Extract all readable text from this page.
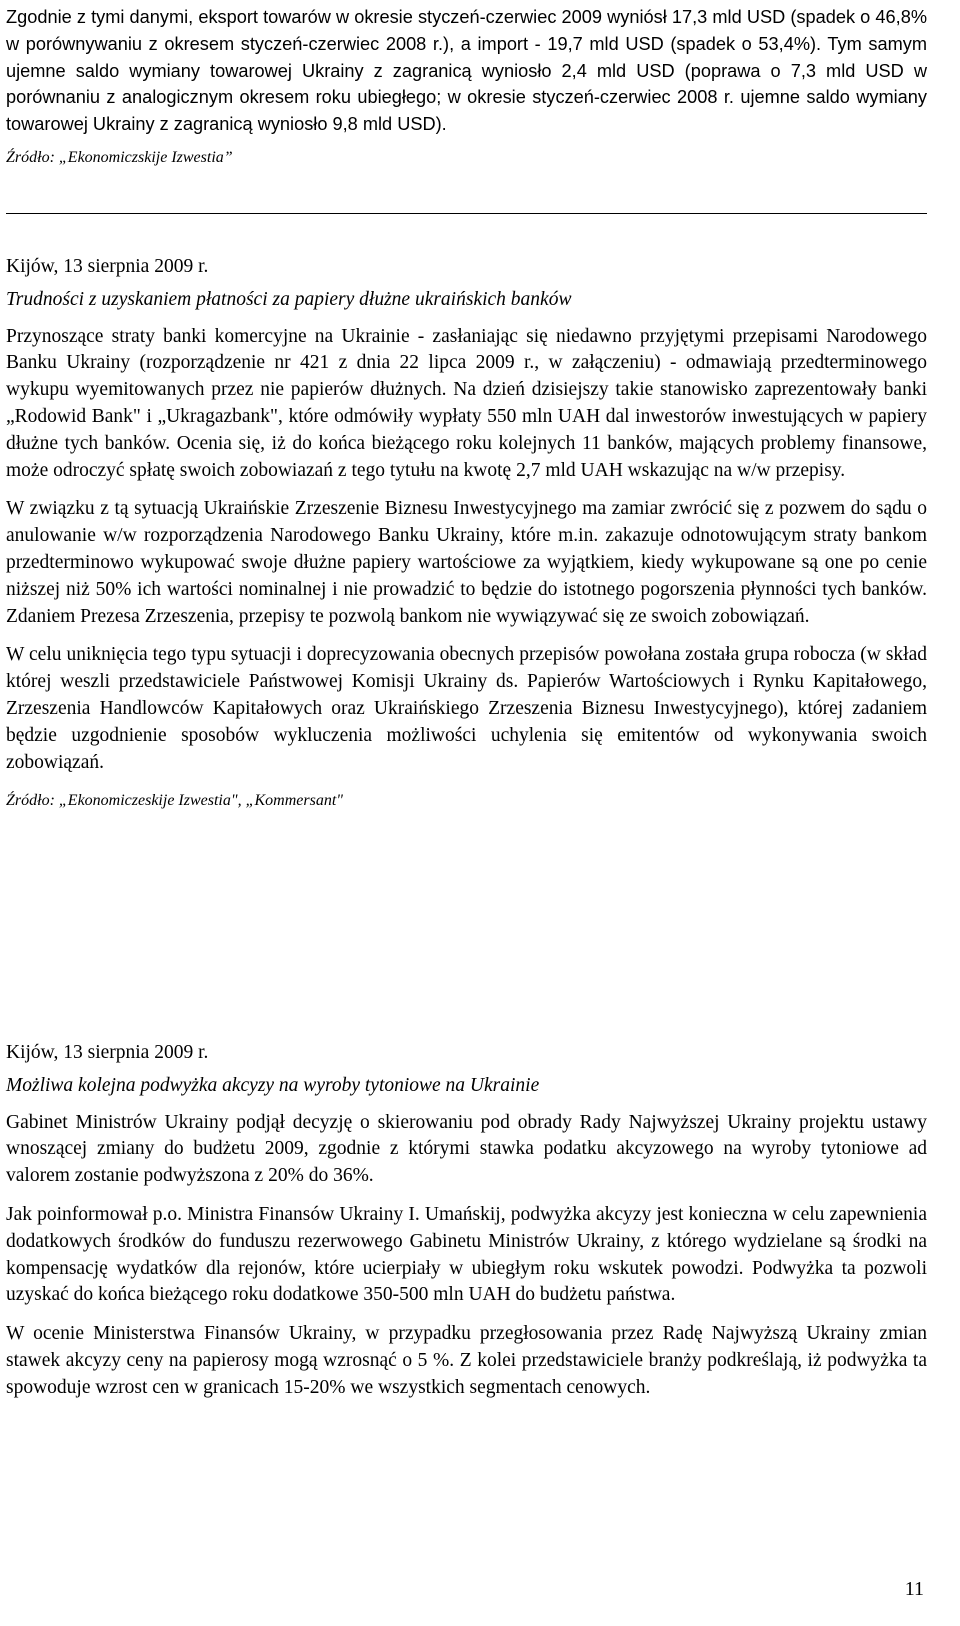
Zgodnie z tymi danymi, eksport towarów w okresie styczeń-czerwiec 2009 wyniósł 17,3 mld USD (spadek o 46,8% w porównywaniu z okresem styczeń-czerwiec 2008 r.), a import - 19,7 mld USD (spadek o 53,4%). Tym samym ujemne saldo wymiany towarowej Ukrainy z zagranicą wyniosło 2,4 mld USD (poprawa o 7,3 mld USD w porównaniu z analogicznym okresem roku ubiegłego; w okresie styczeń-czerwiec 2008 r. ujemne saldo wymiany towarowej Ukrainy z zagranicą wyniosło 9,8 mld USD).

Źródło: „Ekonomiczskije Izwestia”
Kijów, 13 sierpnia 2009 r.
Trudności z uzyskaniem płatności za papiery dłużne ukraińskich banków

Przynoszące straty banki komercyjne na Ukrainie - zasłaniając się niedawno przyjętymi przepisami Narodowego Banku Ukrainy (rozporządzenie nr 421 z dnia 22 lipca 2009 r., w załączeniu) - odmawiają przedterminowego wykupu wyemitowanych przez nie papierów dłużnych. Na dzień dzisiejszy takie stanowisko zaprezentowały banki „Rodowid Bank" i „Ukragazbank", które odmówiły wypłaty 550 mln UAH dal inwestorów inwestujących w papiery dłużne tych banków. Ocenia się, iż do końca bieżącego roku kolejnych 11 banków, mających problemy finansowe, może odroczyć spłatę swoich zobowiazań z tego tytułu na kwotę 2,7 mld UAH wskazując na w/w przepisy.

W związku z tą sytuacją Ukraińskie Zrzeszenie Biznesu Inwestycyjnego ma zamiar zwrócić się z pozwem do sądu o anulowanie w/w rozporządzenia Narodowego Banku Ukrainy, które m.in. zakazuje odnotowującym straty bankom przedterminowo wykupować swoje dłużne papiery wartościowe za wyjątkiem, kiedy wykupowane są one po cenie niższej niż 50% ich wartości nominalnej i nie prowadzić to będzie do istotnego pogorszenia płynności tych banków. Zdaniem Prezesa Zrzeszenia, przepisy te pozwolą bankom nie wywiązywać się ze swoich zobowiązań.

W celu uniknięcia tego typu sytuacji i doprecyzowania obecnych przepisów powołana została grupa robocza (w skład której weszli przedstawiciele Państwowej Komisji Ukrainy ds. Papierów Wartościowych i Rynku Kapitałowego, Zrzeszenia Handlowców Kapitałowych oraz Ukraińskiego Zrzeszenia Biznesu Inwestycyjnego), której zadaniem będzie uzgodnienie sposobów wykluczenia możliwości uchylenia się emitentów od wykonywania swoich zobowiązań.

Źródło: „Ekonomiczeskije Izwestia", „Kommersant"
Kijów, 13 sierpnia 2009 r.
Możliwa kolejna podwyżka akcyzy na wyroby tytoniowe na Ukrainie

Gabinet Ministrów Ukrainy podjął decyzję o skierowaniu pod obrady Rady Najwyższej Ukrainy projektu ustawy wnoszącej zmiany do budżetu 2009, zgodnie z którymi stawka podatku akcyzowego na wyroby tytoniowe ad valorem zostanie podwyższona z 20% do 36%.

Jak poinformował p.o. Ministra Finansów Ukrainy I. Umańskij, podwyżka akcyzy jest konieczna w celu zapewnienia dodatkowych środków do funduszu rezerwowego Gabinetu Ministrów Ukrainy, z którego wydzielane są środki na kompensację wydatków dla rejonów, które ucierpiały w ubiegłym roku wskutek powodzi. Podwyżka ta pozwoli uzyskać do końca bieżącego roku dodatkowe 350-500 mln UAH do budżetu państwa.

W ocenie Ministerstwa Finansów Ukrainy, w przypadku przegłosowania przez Radę Najwyższą Ukrainy zmian stawek akcyzy ceny na papierosy mogą wzrosnąć o 5 %. Z kolei przedstawiciele branży podkreślają, iż podwyżka ta spowoduje wzrost cen w granicach 15-20% we wszystkich segmentach cenowych.

11
